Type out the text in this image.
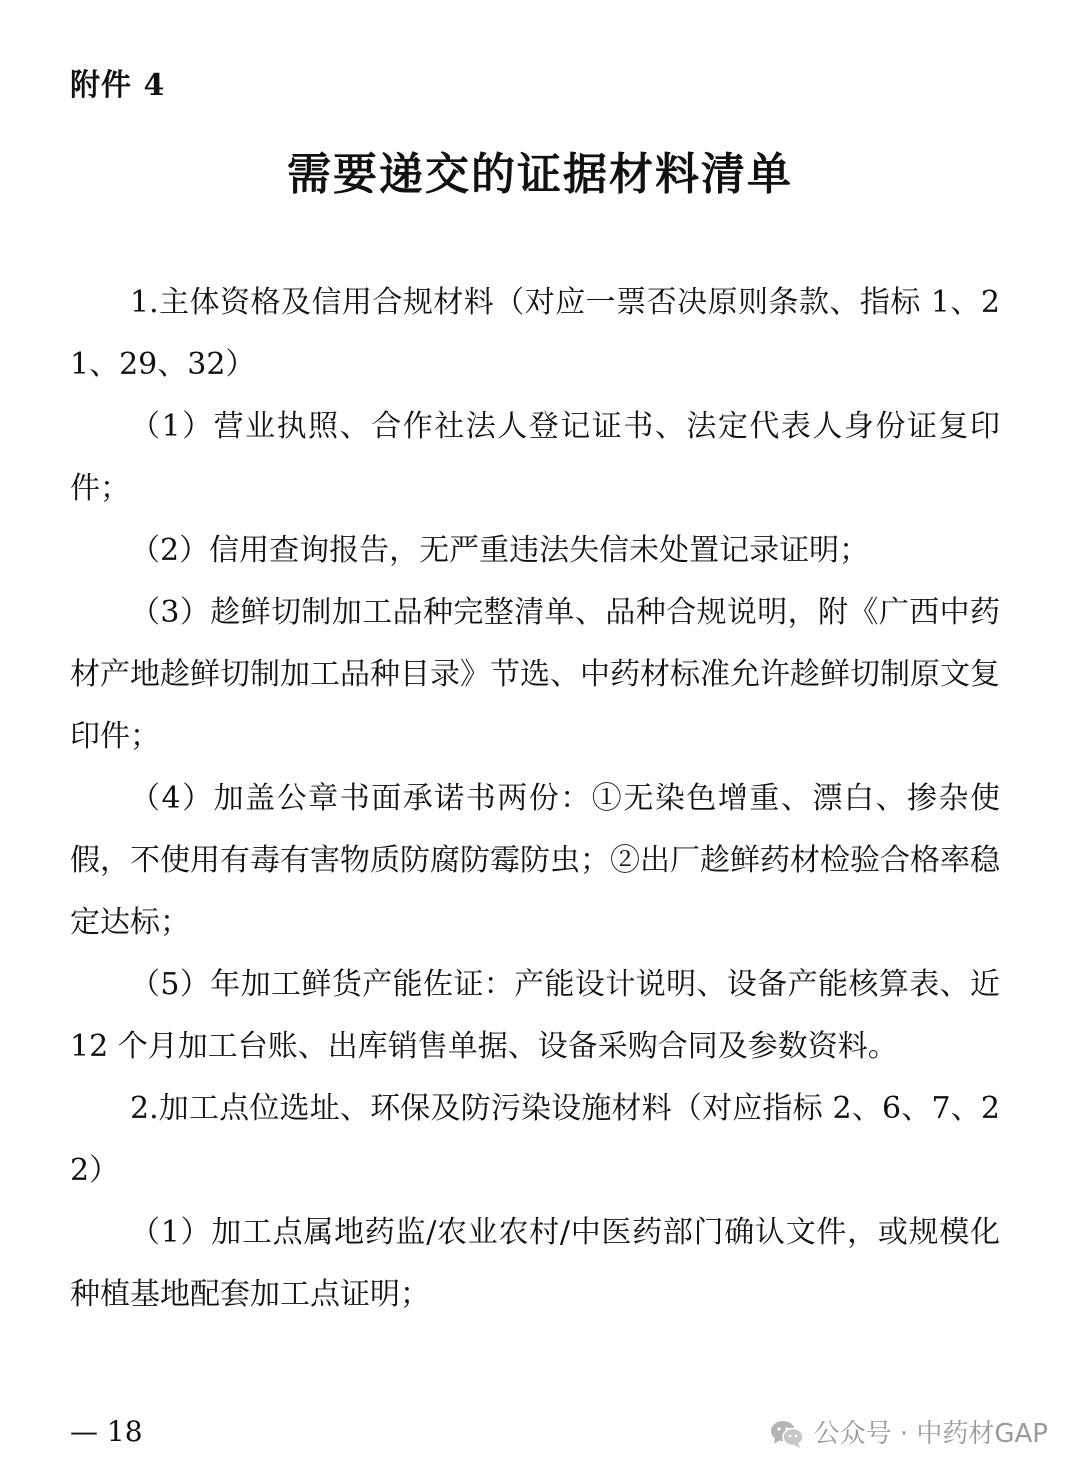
附件 4
需要递交的证据材料清单

1.主体资格及信用合规材料（对应一票否决原则条款、指标 1、21、29、32）

（1）营业执照、合作社法人登记证书、法定代表人身份证复印件；

（2）信用查询报告，无严重违法失信未处置记录证明；

（3）趁鲜切制加工品种完整清单、品种合规说明，附《广西中药材产地趁鲜切制加工品种目录》节选、中药材标准允许趁鲜切制原文复印件；

（4）加盖公章书面承诺书两份：①无染色增重、漂白、掺杂使假，不使用有毒有害物质防腐防霉防虫；②出厂趁鲜药材检验合格率稳定达标；

（5）年加工鲜货产能佐证：产能设计说明、设备产能核算表、近 12 个月加工台账、出库销售单据、设备采购合同及参数资料。

2.加工点位选址、环保及防污染设施材料（对应指标 2、6、7、22）

（1）加工点属地药监/农业农村/中医药部门确认文件，或规模化种植基地配套加工点证明；

— 18	公众号 · 中药材GAP
